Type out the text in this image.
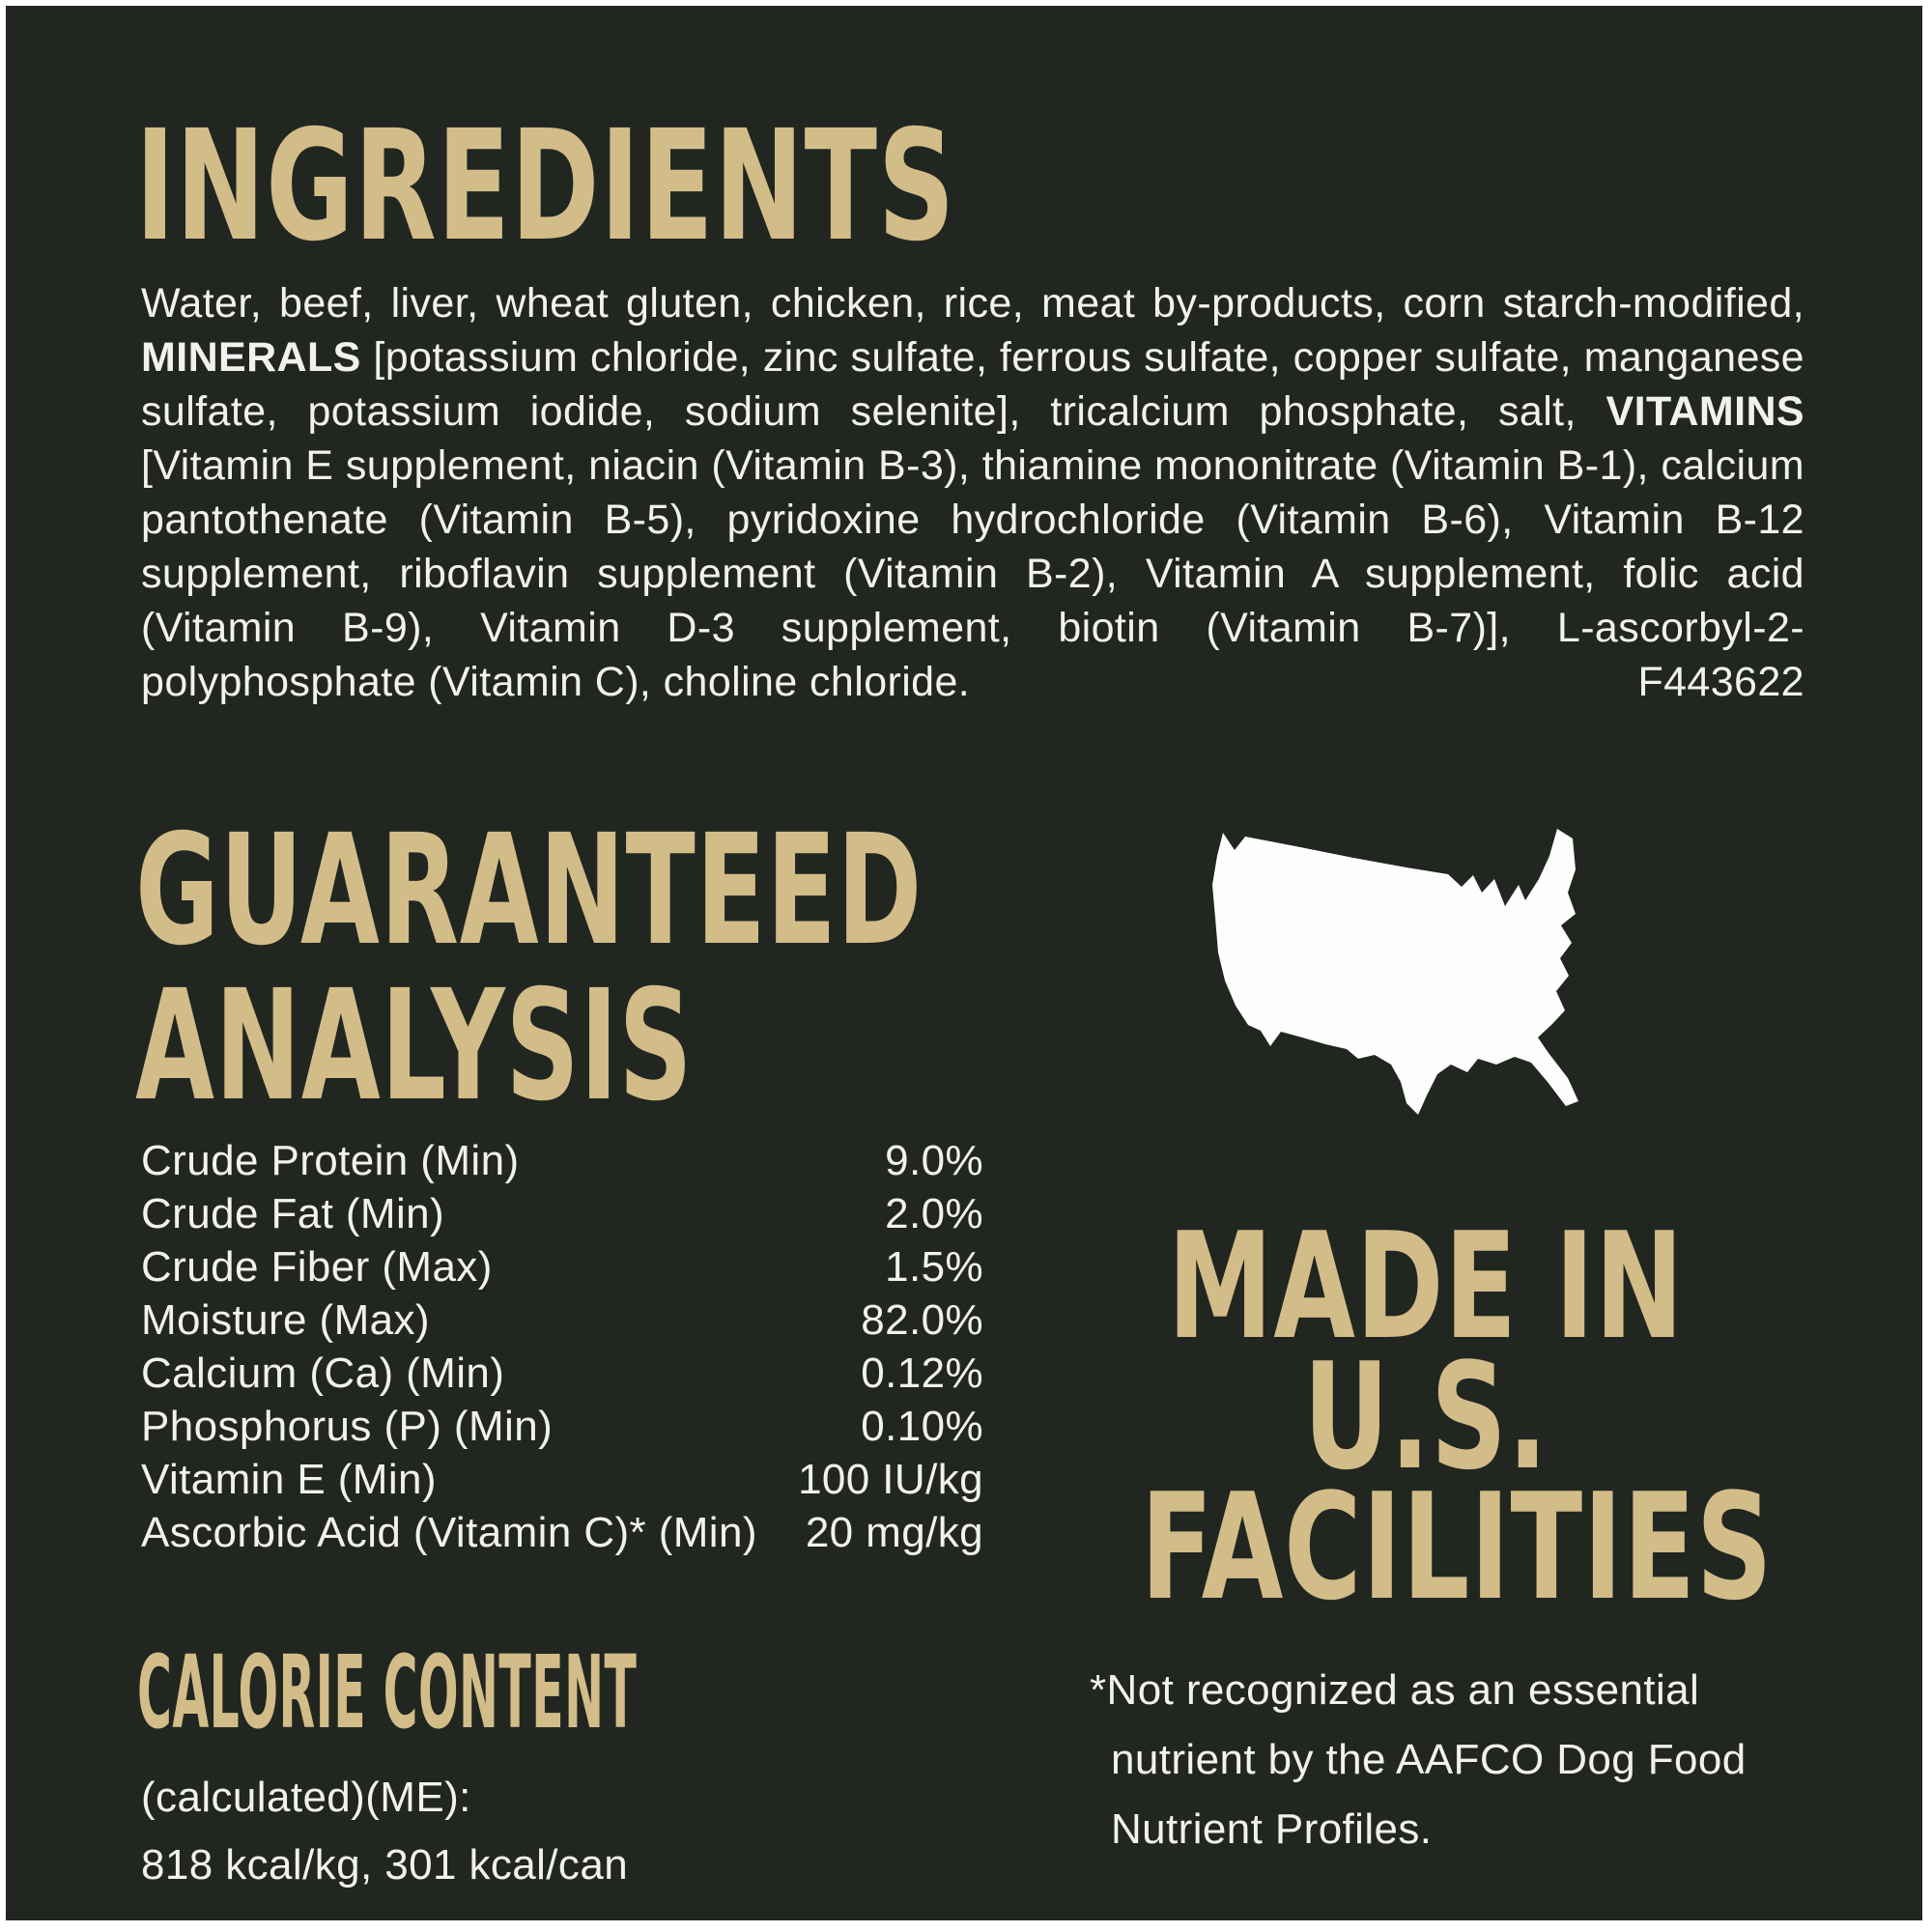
INGREDIENTS
Water, beef, liver, wheat gluten, chicken, rice, meat by-products, corn starch-modified, MINERALS [potassium chloride, zinc sulfate, ferrous sulfate, copper sulfate, manganese sulfate, potassium iodide, sodium selenite], tricalcium phosphate, salt, VITAMINS [Vitamin E supplement, niacin (Vitamin B-3), thiamine mononitrate (Vitamin B-1), calcium pantothenate (Vitamin B-5), pyridoxine hydrochloride (Vitamin B-6), Vitamin B-12 supplement, riboflavin supplement (Vitamin B-2), Vitamin A supplement, folic acid (Vitamin B-9), Vitamin D-3 supplement, biotin (Vitamin B-7)], L-ascorbyl-2-polyphosphate (Vitamin C), choline chloride.	F443622
GUARANTEED
ANALYSIS
Crude Protein (Min)	9.0%
Crude Fat (Min)	2.0%
Crude Fiber (Max)	1.5%
Moisture (Max)	82.0%
Calcium (Ca) (Min)	0.12%
Phosphorus (P) (Min)	0.10%
Vitamin E (Min)	100 IU/kg
Ascorbic Acid (Vitamin C)* (Min) 20 mg/kg
CALORIE CONTENT
(calculated)(ME):
818 kcal/kg, 301 kcal/can
MADE IN
U.S.
FACILITIES
*Not recognized as an essential nutrient by the AAFCO Dog Food Nutrient Profiles.
